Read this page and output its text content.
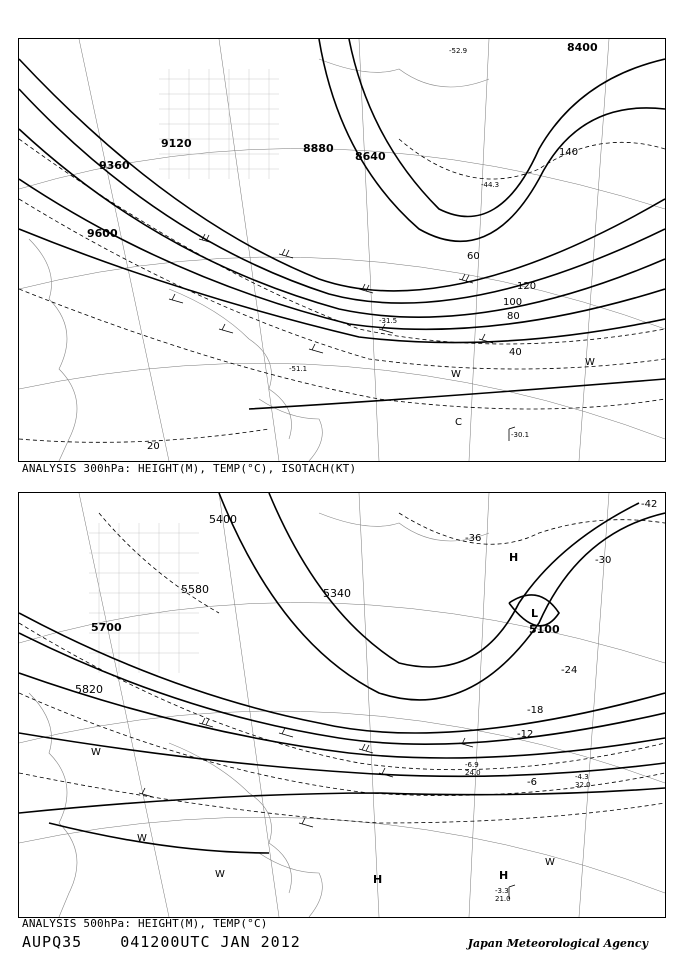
9120
9360
9600
8880
8640
8400
20
40
60
80
100
120
140
-30.1
-31.5
-51.1
-52.9
-44.3
W
W
C
ANALYSIS 300hPa: HEIGHT(M), TEMP(°C), ISOTACH(KT)
5100
5340
5400
5580
5700
5820
-42
-36
-30
-24
-18
-12
-6	-4.3
32.0
-3.3
21.0
-6.9
24.0
H
H	H
L
W
W
W
W
ANALYSIS 500hPa: HEIGHT(M), TEMP(°C)
AUPQ35	041200UTC JAN 2012	Japan Meteorological Agency
